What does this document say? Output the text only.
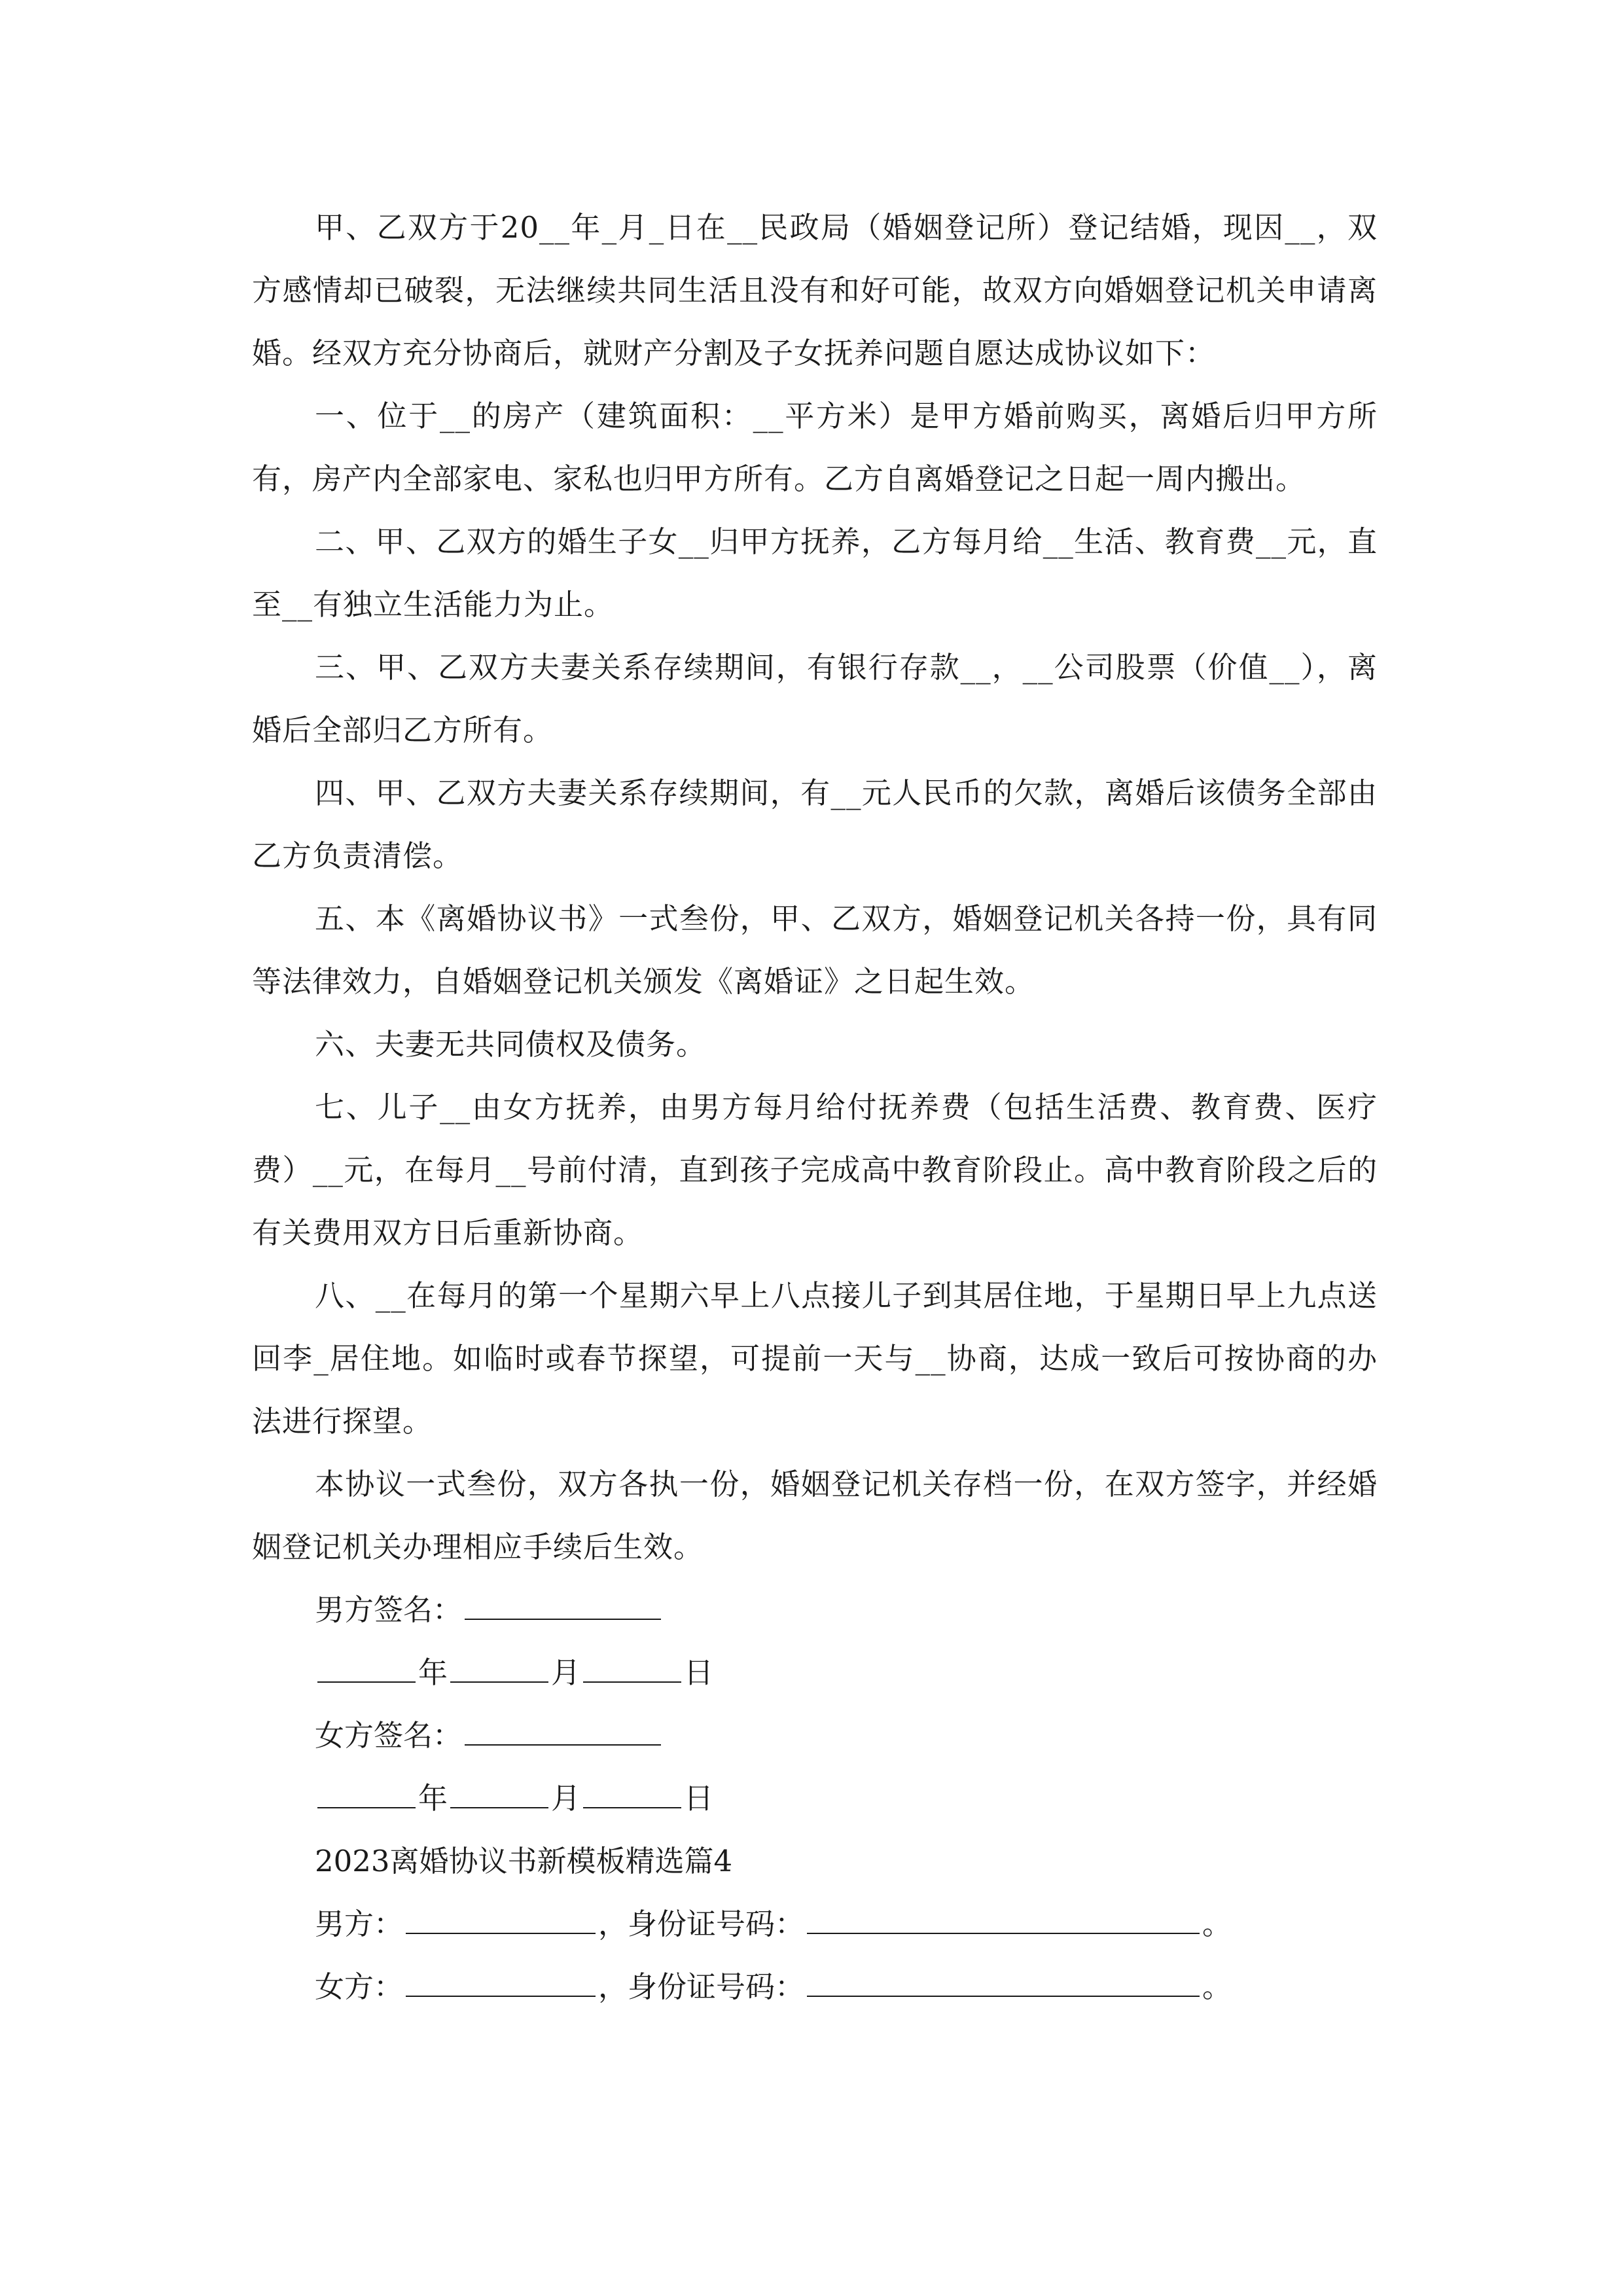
甲、乙双方于20__年_月_日在__民政局（婚姻登记所）登记结婚，现因__，双方感情却已破裂，无法继续共同生活且没有和好可能，故双方向婚姻登记机关申请离婚。经双方充分协商后，就财产分割及子女抚养问题自愿达成协议如下：

一、位于__的房产（建筑面积：__平方米）是甲方婚前购买，离婚后归甲方所有，房产内全部家电、家私也归甲方所有。乙方自离婚登记之日起一周内搬出。

二、甲、乙双方的婚生子女__归甲方抚养，乙方每月给__生活、教育费__元，直至__有独立生活能力为止。

三、甲、乙双方夫妻关系存续期间，有银行存款__，__公司股票（价值__），离婚后全部归乙方所有。

四、甲、乙双方夫妻关系存续期间，有__元人民币的欠款，离婚后该债务全部由乙方负责清偿。

五、本《离婚协议书》一式叁份，甲、乙双方，婚姻登记机关各持一份，具有同等法律效力，自婚姻登记机关颁发《离婚证》之日起生效。

六、夫妻无共同债权及债务。

七、儿子__由女方抚养，由男方每月给付抚养费（包括生活费、教育费、医疗费）__元，在每月__号前付清，直到孩子完成高中教育阶段止。高中教育阶段之后的有关费用双方日后重新协商。

八、__在每月的第一个星期六早上八点接儿子到其居住地，于星期日早上九点送回李_居住地。如临时或春节探望，可提前一天与__协商，达成一致后可按协商的办法进行探望。

本协议一式叁份，双方各执一份，婚姻登记机关存档一份，在双方签字，并经婚姻登记机关办理相应手续后生效。

男方签名：
年	月	日
女方签名：
年	月	日
2023离婚协议书新模板精选篇4
男方：	，身份证号码：	。
女方：	，身份证号码：	。
